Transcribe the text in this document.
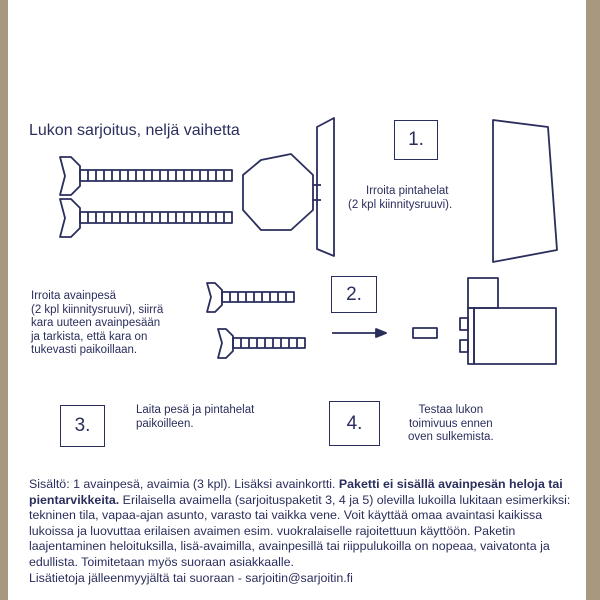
Lukon sarjoitus, neljä vaihetta	1.
Irroita pintahelat
(2 kpl kiinnitysruuvi).
2.
Irroita avainpesä
(2 kpl kiinnitysruuvi), siirrä
kara uuteen avainpesään
ja tarkista, että kara on
tukevasti paikoillaan.
3.
Laita pesä ja pintahelat
paikoilleen.	4.
Testaa lukon
toimivuus ennen
oven sulkemista.
Sisältö: 1 avainpesä, avaimia (3 kpl). Lisäksi avainkortti. Paketti ei sisällä avainpesän heloja tai pientarvikkeita. Erilaisella avaimella (sarjoituspaketit 3, 4 ja 5) olevilla lukoilla lukitaan esimerkiksi: tekninen tila, vapaa-ajan asunto, varasto tai vaikka vene. Voit käyttää omaa avaintasi kaikissa lukoissa ja luovuttaa erilaisen avaimen esim. vuokralaiselle rajoitettuun käyttöön. Paketin laajentaminen heloituksilla, lisä-avaimilla, avainpesillä tai riippulukoilla on nopeaa, vaivatonta ja edullista. Toimitetaan myös suoraan asiakkaalle.
Lisätietoja jälleenmyyjältä tai suoraan - sarjoitin@sarjoitin.fi
